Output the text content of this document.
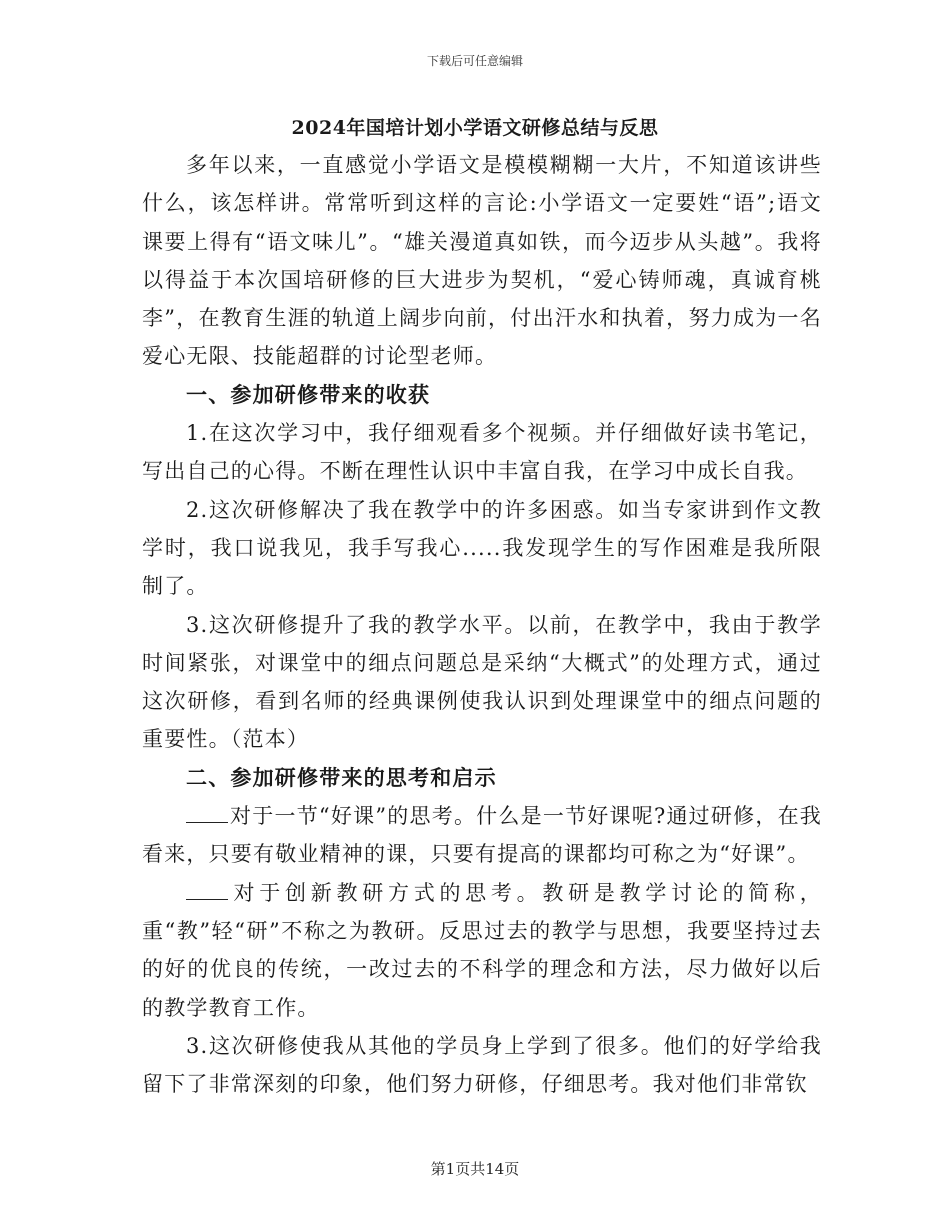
下载后可任意编辑
2024年国培计划小学语文研修总结与反思

多年以来，一直感觉小学语文是模模糊糊一大片，不知道该讲些什么，该怎样讲。常常听到这样的言论:小学语文一定要姓“语”;语文课要上得有“语文味儿”。“雄关漫道真如铁，而今迈步从头越”。我将以得益于本次国培研修的巨大进步为契机，“爱心铸师魂，真诚育桃李”，在教育生涯的轨道上阔步向前，付出汗水和执着，努力成为一名爱心无限、技能超群的讨论型老师。

一、参加研修带来的收获

1.在这次学习中，我仔细观看多个视频。并仔细做好读书笔记，写出自己的心得。不断在理性认识中丰富自我，在学习中成长自我。

2.这次研修解决了我在教学中的许多困惑。如当专家讲到作文教学时，我口说我见，我手写我心.....我发现学生的写作困难是我所限制了。

3.这次研修提升了我的教学水平。以前，在教学中，我由于教学时间紧张，对课堂中的细点问题总是采纳“大概式”的处理方式，通过这次研修，看到名师的经典课例使我认识到处理课堂中的细点问题的重要性。（范本）

二、参加研修带来的思考和启示

对于一节“好课”的思考。什么是一节好课呢?通过研修，在我看来，只要有敬业精神的课，只要有提高的课都均可称之为“好课”。

对于创新教研方式的思考。教研是教学讨论的简称，重“教”轻“研”不称之为教研。反思过去的教学与思想，我要坚持过去的好的优良的传统，一改过去的不科学的理念和方法，尽力做好以后的教学教育工作。

3.这次研修使我从其他的学员身上学到了很多。他们的好学给我留下了非常深刻的印象，他们努力研修，仔细思考。我对他们非常钦

第1页共14页
